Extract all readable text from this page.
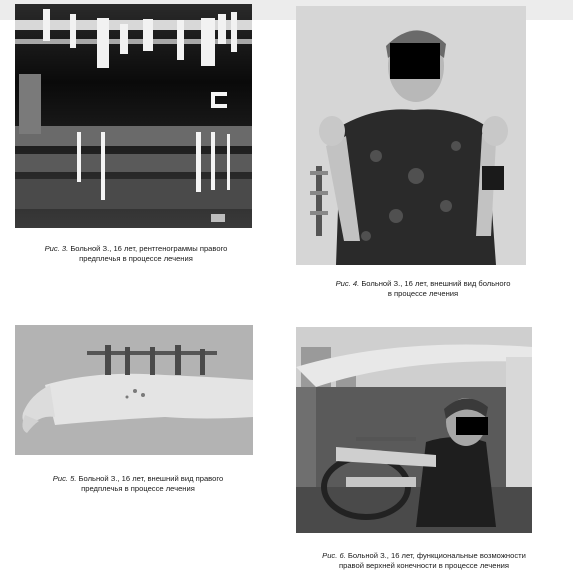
Рис. 3. Больной З., 16 лет, рентгенограммы правого
предплечья в процессе лечения
Рис. 4. Больной З., 16 лет, внешний вид больного
в процессе лечения
Рис. 5. Больной З., 16 лет, внешний вид правого
предплечья в процессе лечения
Рис. 6. Больной З., 16 лет, функциональные возможности
правой верхней конечности в процессе лечения
